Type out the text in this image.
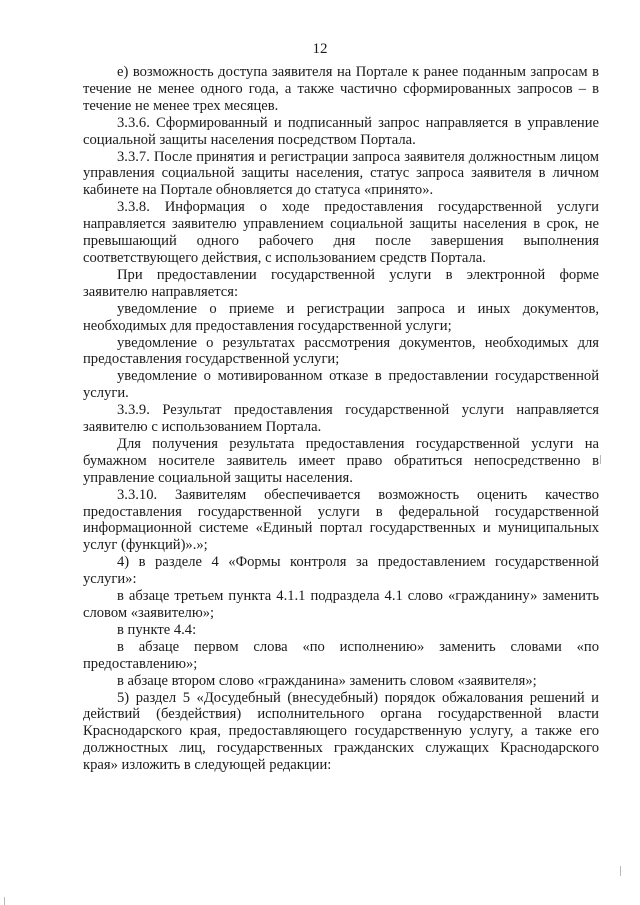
12

е) возможность доступа заявителя на Портале к ранее поданным запросам в течение не менее одного года, а также частично сформированных запросов – в течение не менее трех месяцев.

3.3.6. Сформированный и подписанный запрос направляется в управление социальной защиты населения посредством Портала.

3.3.7. После принятия и регистрации запроса заявителя должностным лицом управления социальной защиты населения, статус запроса заявителя в личном кабинете на Портале обновляется до статуса «принято».

3.3.8. Информация о ходе предоставления государственной услуги направляется заявителю управлением социальной защиты населения в срок, не превышающий одного рабочего дня после завершения выполнения соответствующего действия, с использованием средств Портала.

При предоставлении государственной услуги в электронной форме заявителю направляется:

уведомление о приеме и регистрации запроса и иных документов, необходимых для предоставления государственной услуги;

уведомление о результатах рассмотрения документов, необходимых для предоставления государственной услуги;

уведомление о мотивированном отказе в предоставлении государственной услуги.

3.3.9. Результат предоставления государственной услуги направляется заявителю с использованием Портала.

Для получения результата предоставления государственной услуги на бумажном носителе заявитель имеет право обратиться непосредственно в управление социальной защиты населения.

3.3.10. Заявителям обеспечивается возможность оценить качество предоставления государственной услуги в федеральной государственной информационной системе «Единый портал государственных и муниципальных услуг (функций)».»;

4) в разделе 4 «Формы контроля за предоставлением государственной услуги»:

в абзаце третьем пункта 4.1.1 подраздела 4.1 слово «гражданину» заменить словом «заявителю»;

в пункте 4.4:

в абзаце первом слова «по исполнению» заменить словами «по предоставлению»;

в абзаце втором слово «гражданина» заменить словом «заявителя»;

5) раздел 5 «Досудебный (внесудебный) порядок обжалования решений и действий (бездействия) исполнительного органа государственной власти Краснодарского края, предоставляющего государственную услугу, а также его должностных лиц, государственных гражданских служащих Краснодарского края» изложить в следующей редакции:
